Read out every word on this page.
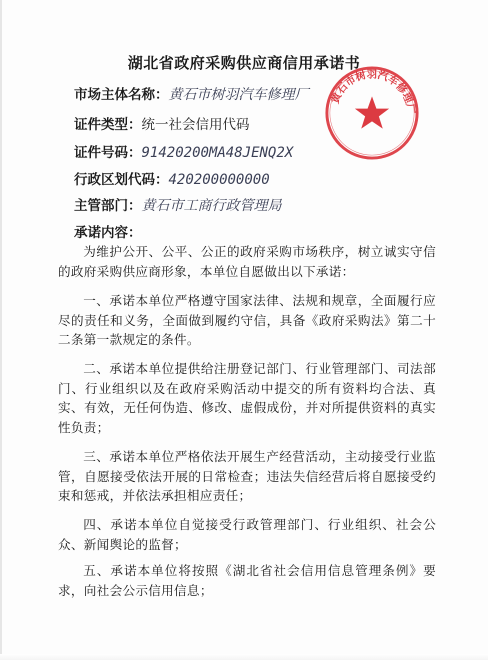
湖北省政府采购供应商信用承诺书
市场主体名称：黄石市树羽汽车修理厂
证件类型：统一社会信用代码
证件号码：91420200MA48JENQ2X
行政区划代码：420200000000
主管部门：黄石市工商行政管理局
承诺内容：

为维护公开、公平、公正的政府采购市场秩序，树立诚实守信的政府采购供应商形象，本单位自愿做出以下承诺：

一、承诺本单位严格遵守国家法律、法规和规章，全面履行应尽的责任和义务，全面做到履约守信，具备《政府采购法》第二十二条第一款规定的条件。

二、承诺本单位提供给注册登记部门、行业管理部门、司法部门、行业组织以及在政府采购活动中提交的所有资料均合法、真实、有效，无任何伪造、修改、虚假成份，并对所提供资料的真实性负责；

三、承诺本单位严格依法开展生产经营活动，主动接受行业监管，自愿接受依法开展的日常检查；违法失信经营后将自愿接受约束和惩戒，并依法承担相应责任；

四、承诺本单位自觉接受行政管理部门、行业组织、社会公众、新闻舆论的监督；

五、承诺本单位将按照《湖北省社会信用信息管理条例》要求，向社会公示信用信息；

黄石市树羽汽车修理厂
